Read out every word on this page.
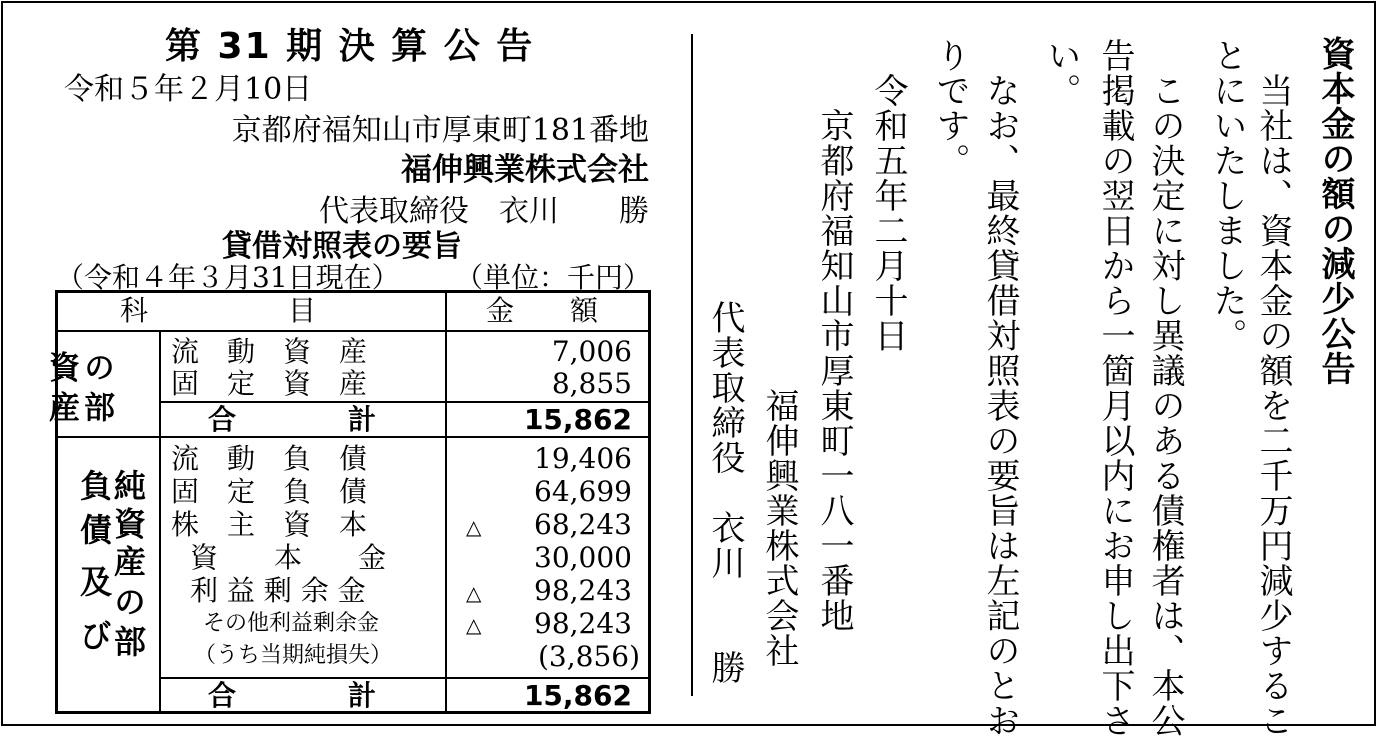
第 31 期 決 算 公 告
令和５年２月10日
京都府福知山市厚東町181番地
福伸興業株式会社
代表取締役　衣川　　勝
貸借対照表の要旨
（令和４年３月31日現在） （単位：千円）
科　　　　　目	金　　額
資
産
の
部
流　動　資　産	7,006
固　定　資　産	8,855
合　　　　計	15,862
負
債
及
び
純
資
産
の
部
流　動　負　債	19,406
固　定　負　債	64,699
株　主　資　本	△ 68,243
資　　本　　金	30,000
利 益 剰 余 金	△ 98,243
その他利益剰余金	△ 98,243
（うち当期純損失）	(3,856)
合　　　　計	15,862
資本金の額の減少公告
当社は、資本金の額を二千万円減少するこ
とにいたしました。
この決定に対し異議のある債権者は、本公
告掲載の翌日から一箇月以内にお申し出下さ
い。
なお、最終貸借対照表の要旨は左記のとお
りです。
令和五年二月十日
京都府福知山市厚東町一八一番地
福伸興業株式会社
代表取締役　衣川　　勝
